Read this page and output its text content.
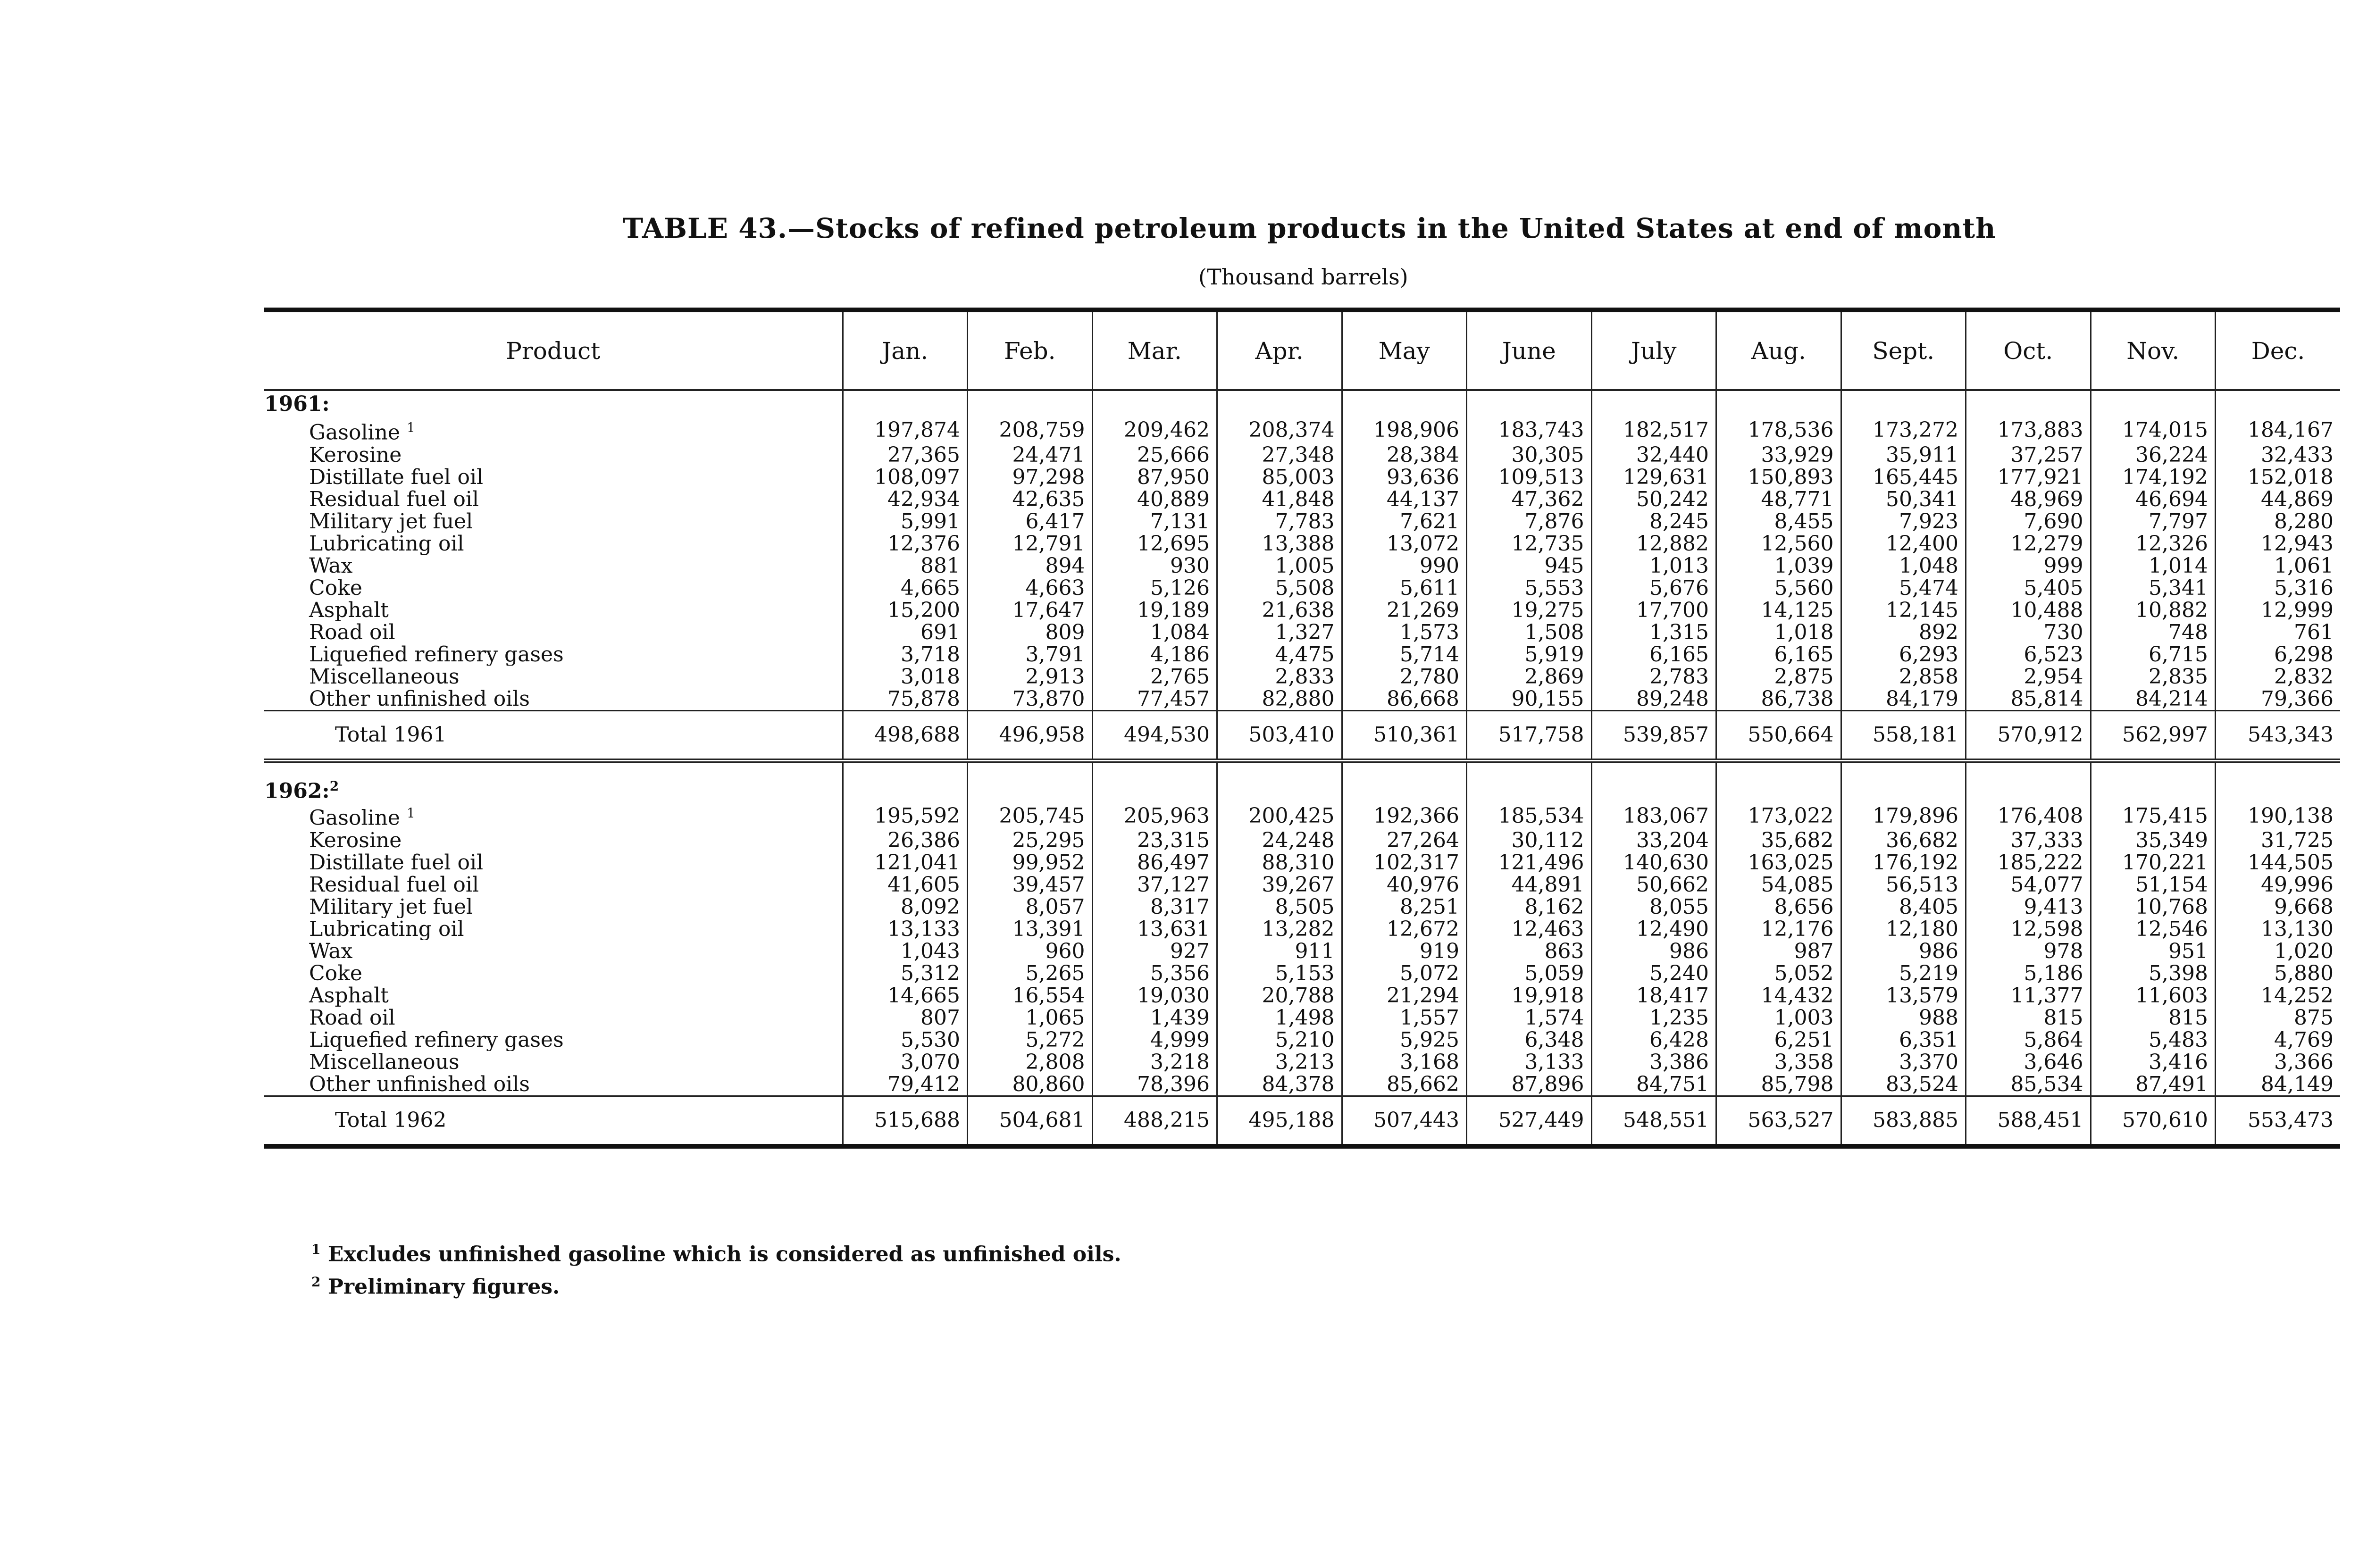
TABLE 43.—Stocks of refined petroleum products in the United States at end of month
(Thousand barrels)
Product	Jan.	Feb.	Mar.	Apr.	May	June	July	Aug.	Sept.	Oct.	Nov.	Dec.
1961:												
Gasoline $^1$	197,874	208,759	209,462	208,374	198,906	183,743	182,517	178,536	173,272	173,883	174,015	184,167
Kerosine	27,365	24,471	25,666	27,348	28,384	30,305	32,440	33,929	35,911	37,257	36,224	32,433
Distillate fuel oil	108,097	97,298	87,950	85,003	93,636	109,513	129,631	150,893	165,445	177,921	174,192	152,018
Residual fuel oil	42,934	42,635	40,889	41,848	44,137	47,362	50,242	48,771	50,341	48,969	46,694	44,869
Military jet fuel	5,991	6,417	7,131	7,783	7,621	7,876	8,245	8,455	7,923	7,690	7,797	8,280
Lubricating oil	12,376	12,791	12,695	13,388	13,072	12,735	12,882	12,560	12,400	12,279	12,326	12,943
Wax	881	894	930	1,005	990	945	1,013	1,039	1,048	999	1,014	1,061
Coke	4,665	4,663	5,126	5,508	5,611	5,553	5,676	5,560	5,474	5,405	5,341	5,316
Asphalt	15,200	17,647	19,189	21,638	21,269	19,275	17,700	14,125	12,145	10,488	10,882	12,999
Road oil	691	809	1,084	1,327	1,573	1,508	1,315	1,018	892	730	748	761
Liquefied refinery gases	3,718	3,791	4,186	4,475	5,714	5,919	6,165	6,165	6,293	6,523	6,715	6,298
Miscellaneous	3,018	2,913	2,765	2,833	2,780	2,869	2,783	2,875	2,858	2,954	2,835	2,832
Other unfinished oils	75,878	73,870	77,457	82,880	86,668	90,155	89,248	86,738	84,179	85,814	84,214	79,366
Total 1961	498,688	496,958	494,530	503,410	510,361	517,758	539,857	550,664	558,181	570,912	562,997	543,343

1962:$^2$												
Gasoline $^1$	195,592	205,745	205,963	200,425	192,366	185,534	183,067	173,022	179,896	176,408	175,415	190,138
Kerosine	26,386	25,295	23,315	24,248	27,264	30,112	33,204	35,682	36,682	37,333	35,349	31,725
Distillate fuel oil	121,041	99,952	86,497	88,310	102,317	121,496	140,630	163,025	176,192	185,222	170,221	144,505
Residual fuel oil	41,605	39,457	37,127	39,267	40,976	44,891	50,662	54,085	56,513	54,077	51,154	49,996
Military jet fuel	8,092	8,057	8,317	8,505	8,251	8,162	8,055	8,656	8,405	9,413	10,768	9,668
Lubricating oil	13,133	13,391	13,631	13,282	12,672	12,463	12,490	12,176	12,180	12,598	12,546	13,130
Wax	1,043	960	927	911	919	863	986	987	986	978	951	1,020
Coke	5,312	5,265	5,356	5,153	5,072	5,059	5,240	5,052	5,219	5,186	5,398	5,880
Asphalt	14,665	16,554	19,030	20,788	21,294	19,918	18,417	14,432	13,579	11,377	11,603	14,252
Road oil	807	1,065	1,439	1,498	1,557	1,574	1,235	1,003	988	815	815	875
Liquefied refinery gases	5,530	5,272	4,999	5,210	5,925	6,348	6,428	6,251	6,351	5,864	5,483	4,769
Miscellaneous	3,070	2,808	3,218	3,213	3,168	3,133	3,386	3,358	3,370	3,646	3,416	3,366
Other unfinished oils	79,412	80,860	78,396	84,378	85,662	87,896	84,751	85,798	83,524	85,534	87,491	84,149
Total 1962	515,688	504,681	488,215	495,188	507,443	527,449	548,551	563,527	583,885	588,451	570,610	553,473
$^1$ Excludes unfinished gasoline which is considered as unfinished oils.
$^2$ Preliminary figures.
